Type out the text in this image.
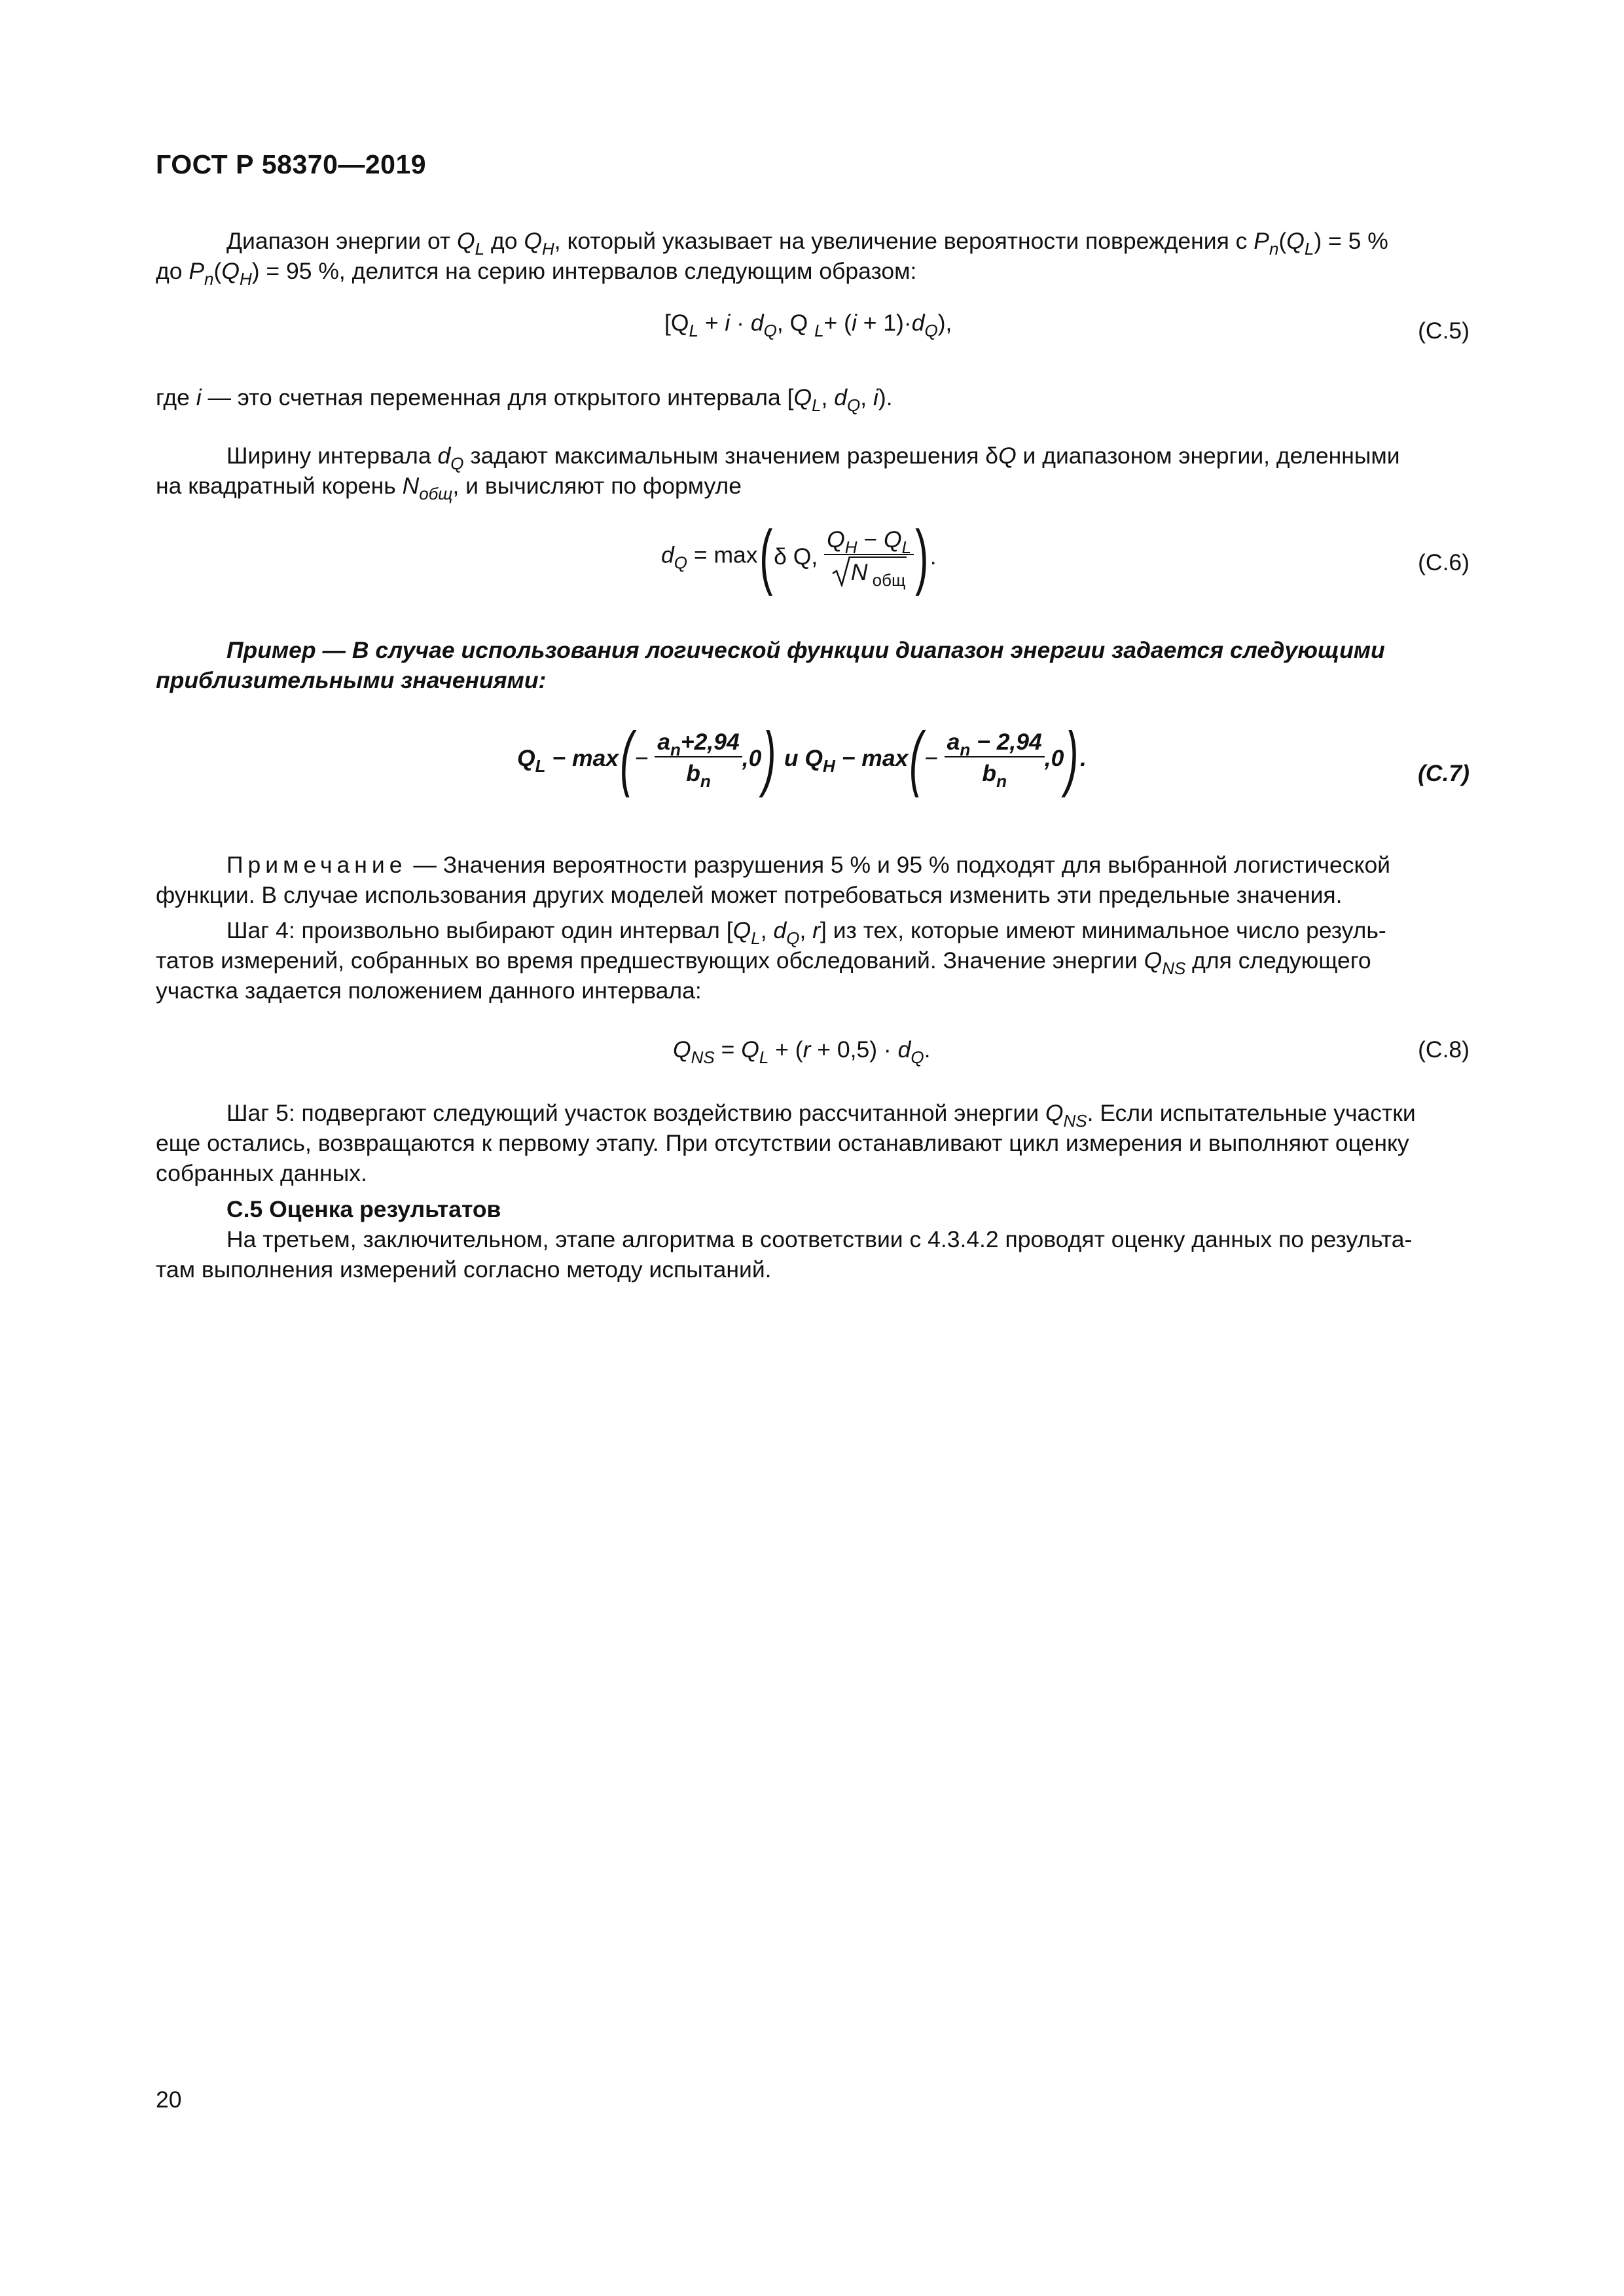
ГОСТ Р 58370—2019
Диапазон энергии от $Q_L$ до $Q_H$, который указывает на увеличение вероятности повреждения с $P_n(Q_L) = 5$ %
до $P_n(Q_H) = 95$ %, делится на серию интервалов следующим образом:
[$Q_L + i \cdot d_Q$, Q $_L+ (i + 1)\cdot d_Q$),	(С.5)
где i — это счетная переменная для открытого интервала [$Q_L$, $d_Q$, i).
Ширину интервала $d_Q$ задают максимальным значением разрешения δQ и диапазоном энергии, деленными
на квадратный корень $N_{общ}$, и вычисляют по формуле
$d_Q = \max(\delta$ Q, $\frac{Q_H - Q_L}{N _{общ}}$ ).	(С.6)
Пример — В случае использования логической функции диапазон энергии задается следующими
приблизительными значениями:
$Q_L - \max(- \frac{a_n+2,94}{b_n} ,0)$ и $Q_H - \max(- \frac{a_n - 2,94}{b_n} ,0)$.
(С.7)
Примечание — Значения вероятности разрушения 5 % и 95 % подходят для выбранной логистической
функции. В случае использования других моделей может потребоваться изменить эти предельные значения.
Шаг 4: произвольно выбирают один интервал [$Q_L$, $d_Q$, r] из тех, которые имеют минимальное число резуль-
татов измерений, собранных во время предшествующих обследований. Значение энергии $Q_{NS}$ для следующего
участка задается положением данного интервала:
$Q_{NS} = Q_L + (r + 0,5) \cdot d_Q$.	(С.8)
Шаг 5: подвергают следующий участок воздействию рассчитанной энергии $Q_{NS}$. Если испытательные участки
еще остались, возвращаются к первому этапу. При отсутствии останавливают цикл измерения и выполняют оценку
собранных данных.
С.5 Оценка результатов
На третьем, заключительном, этапе алгоритма в соответствии с 4.3.4.2 проводят оценку данных по результа-
там выполнения измерений согласно методу испытаний.
20
